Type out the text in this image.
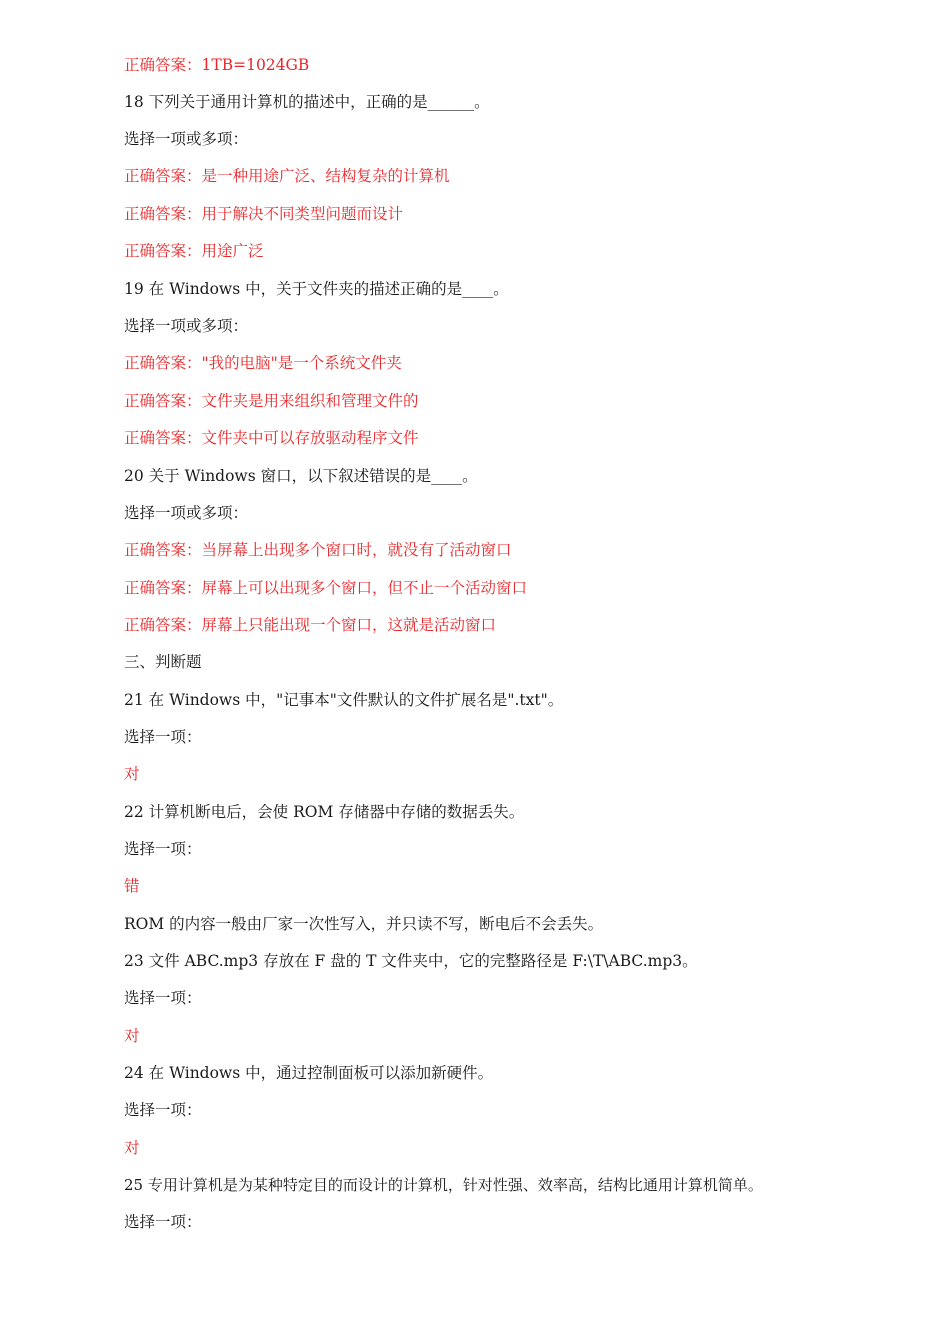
正确答案：1TB=1024GB
18 下列关于通用计算机的描述中，正确的是______。
选择一项或多项：
正确答案：是一种用途广泛、结构复杂的计算机
正确答案：用于解决不同类型问题而设计
正确答案：用途广泛
19 在 Windows 中，关于文件夹的描述正确的是____。
选择一项或多项：
正确答案："我的电脑"是一个系统文件夹
正确答案：文件夹是用来组织和管理文件的
正确答案：文件夹中可以存放驱动程序文件
20 关于 Windows 窗口，以下叙述错误的是____。
选择一项或多项：
正确答案：当屏幕上出现多个窗口时，就没有了活动窗口
正确答案：屏幕上可以出现多个窗口，但不止一个活动窗口
正确答案：屏幕上只能出现一个窗口，这就是活动窗口
三、判断题
21 在 Windows 中，"记事本"文件默认的文件扩展名是".txt"。
选择一项：
对
22 计算机断电后，会使 ROM 存储器中存储的数据丢失。
选择一项：
错
ROM 的内容一般由厂家一次性写入，并只读不写，断电后不会丢失。
23 文件 ABC.mp3 存放在 F 盘的 T 文件夹中，它的完整路径是 F:\T\ABC.mp3。
选择一项：
对
24 在 Windows 中，通过控制面板可以添加新硬件。
选择一项：
对
25 专用计算机是为某种特定目的而设计的计算机，针对性强、效率高，结构比通用计算机简单。
选择一项：
